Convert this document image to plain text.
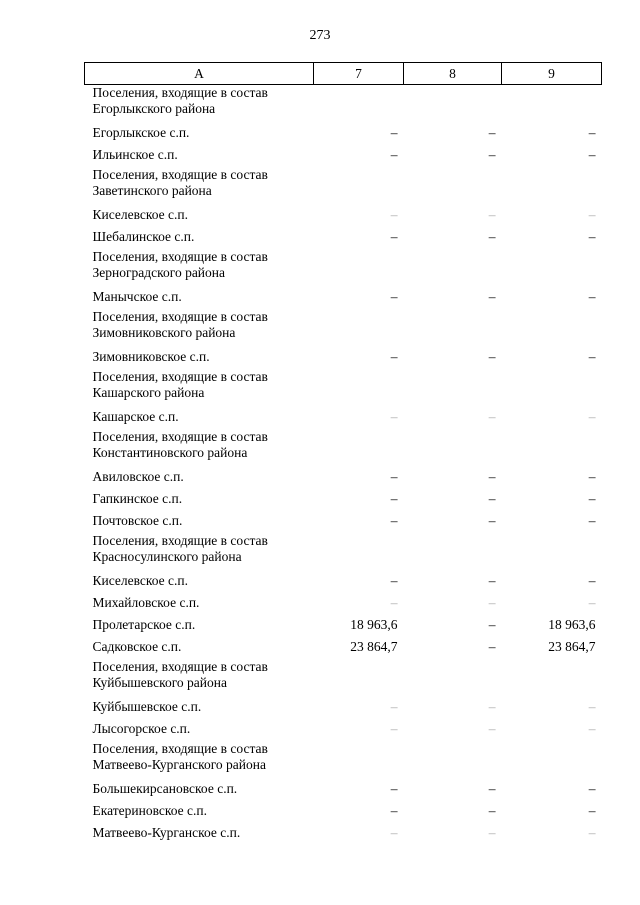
273
А	7	8	9
Поселения, входящие в состав Егорлыкского района			
Егорлыкское с.п.	–	–	–
Ильинское с.п.	–	–	–
Поселения, входящие в состав Заветинского района			
Киселевское с.п.	–	–	–
Шебалинское с.п.	–	–	–
Поселения, входящие в состав Зерноградского района			
Манычское с.п.	–	–	–
Поселения, входящие в состав Зимовниковского района			
Зимовниковское с.п.	–	–	–
Поселения, входящие в состав Кашарского района			
Кашарское с.п.	–	–	–
Поселения, входящие в состав Константиновского района			
Авиловское с.п.	–	–	–
Гапкинское с.п.	–	–	–
Почтовское с.п.	–	–	–
Поселения, входящие в состав Красносулинского района			
Киселевское с.п.	–	–	–
Михайловское с.п.	–	–	–
Пролетарское с.п.	18 963,6	–	18 963,6
Садковское с.п.	23 864,7	–	23 864,7
Поселения, входящие в состав Куйбышевского района			
Куйбышевское с.п.	–	–	–
Лысогорское с.п.	–	–	–
Поселения, входящие в состав Матвеево-Курганского района			
Большекирсановское с.п.	–	–	–
Екатериновское с.п.	–	–	–
Матвеево-Курганское с.п.	–	–	–
